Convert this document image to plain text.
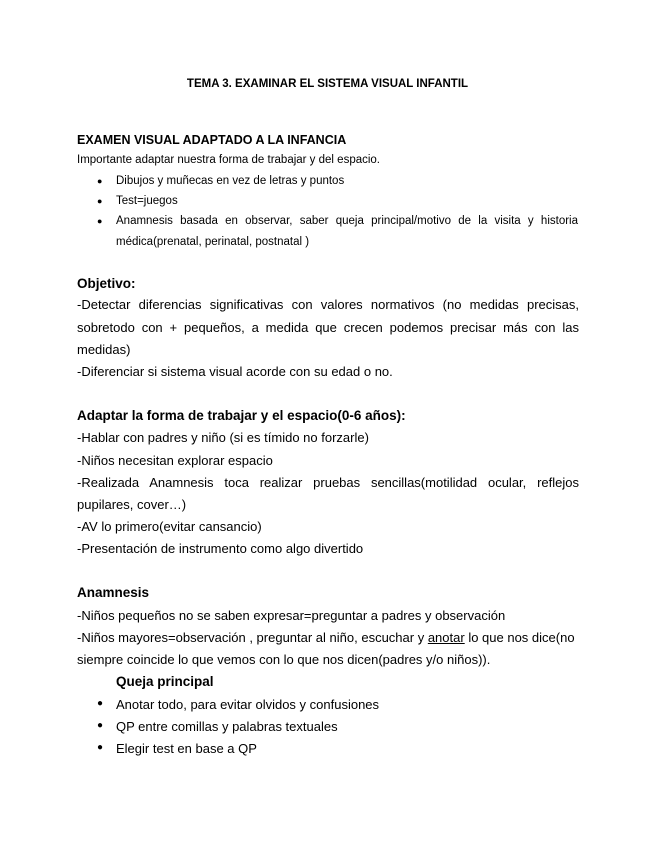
TEMA 3. EXAMINAR EL SISTEMA VISUAL INFANTIL
EXAMEN VISUAL ADAPTADO A LA INFANCIA
Importante adaptar nuestra forma de trabajar y del espacio.
● Dibujos y muñecas en vez de letras y puntos
● Test=juegos
● Anamnesis basada en observar, saber queja principal/motivo de la visita y historia
médica(prenatal, perinatal, postnatal )
Objetivo:
-Detectar diferencias significativas con valores normativos (no medidas precisas,
sobretodo con + pequeños, a medida que crecen podemos precisar más con las
medidas)
-Diferenciar si sistema visual acorde con su edad o no.
Adaptar la forma de trabajar y el espacio(0-6 años):
-Hablar con padres y niño (si es tímido no forzarle)
-Niños necesitan explorar espacio
-Realizada Anamnesis toca realizar pruebas sencillas(motilidad ocular, reflejos
pupilares, cover…)
-AV lo primero(evitar cansancio)
-Presentación de instrumento como algo divertido
Anamnesis
-Niños pequeños no se saben expresar=preguntar a padres y observación
-Niños mayores=observación , preguntar al niño, escuchar y anotar lo que nos dice(no
siempre coincide lo que vemos con lo que nos dicen(padres y/o niños)).
Queja principal
● Anotar todo, para evitar olvidos y confusiones
● QP entre comillas y palabras textuales
● Elegir test en base a QP
